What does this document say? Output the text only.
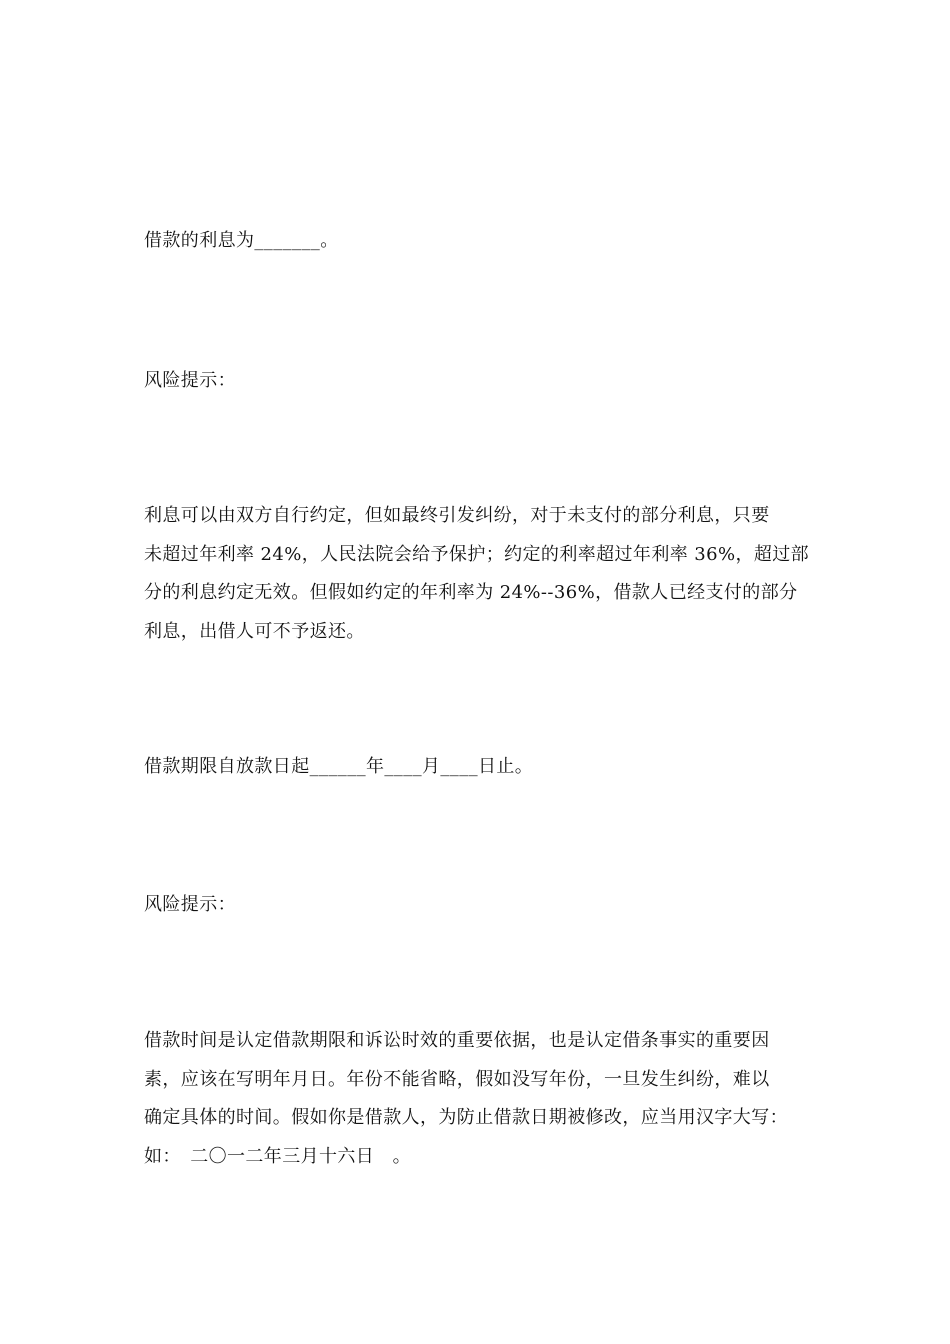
借款的利息为_______。
风险提示：
利息可以由双方自行约定，但如最终引发纠纷，对于未支付的部分利息，只要
未超过年利率 24%，人民法院会给予保护；约定的利率超过年利率 36%，超过部
分的利息约定无效。但假如约定的年利率为 24%--36%，借款人已经支付的部分
利息，出借人可不予返还。
借款期限自放款日起______年____月____日止。
风险提示：
借款时间是认定借款期限和诉讼时效的重要依据，也是认定借条事实的重要因
素，应该在写明年月日。年份不能省略，假如没写年份，一旦发生纠纷，难以
确定具体的时间。假如你是借款人，为防止借款日期被修改，应当用汉字大写：
如：　二〇一二年三月十六日　。
